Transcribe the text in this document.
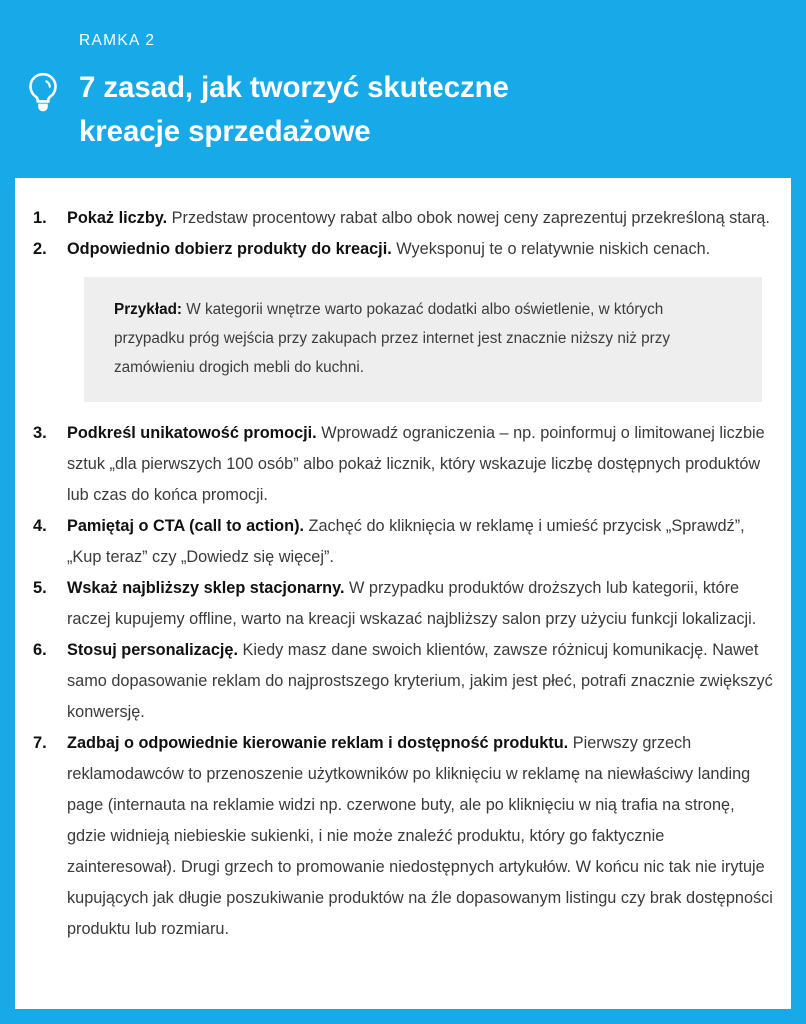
RAMKA 2
7 zasad, jak tworzyć skuteczne
kreacje sprzedażowe
1.	Pokaż liczby. Przedstaw procentowy rabat albo obok nowej ceny zaprezentuj przekreśloną starą.
2.	Odpowiednio dobierz produkty do kreacji. Wyeksponuj te o relatywnie niskich cenach.
Przykład: W kategorii wnętrze warto pokazać dodatki albo oświetlenie, w których przypadku próg wejścia przy zakupach przez internet jest znacznie niższy niż przy zamówieniu drogich mebli do kuchni.
3.	Podkreśl unikatowość promocji. Wprowadź ograniczenia – np. poinformuj o limitowanej liczbie sztuk „dla pierwszych 100 osób” albo pokaż licznik, który wskazuje liczbę dostępnych produktów lub czas do końca promocji.
4.	Pamiętaj o CTA (call to action). Zachęć do kliknięcia w reklamę i umieść przycisk „Sprawdź”, „Kup teraz” czy „Dowiedz się więcej”.
5.	Wskaż najbliższy sklep stacjonarny. W przypadku produktów droższych lub kategorii, które raczej kupujemy offline, warto na kreacji wskazać najbliższy salon przy użyciu funkcji lokalizacji.
6.	Stosuj personalizację. Kiedy masz dane swoich klientów, zawsze różnicuj komunikację. Nawet samo dopasowanie reklam do najprostszego kryterium, jakim jest płeć, potrafi znacznie zwiększyć konwersję.
7.	Zadbaj o odpowiednie kierowanie reklam i dostępność produktu. Pierwszy grzech reklamodawców to przenoszenie użytkowników po kliknięciu w reklamę na niewłaściwy landing page (internauta na reklamie widzi np. czerwone buty, ale po kliknięciu w nią trafia na stronę, gdzie widnieją niebieskie sukienki, i nie może znaleźć produktu, który go faktycznie zainteresował). Drugi grzech to promowanie niedostępnych artykułów. W końcu nic tak nie irytuje kupujących jak długie poszukiwanie produktów na źle dopasowanym listingu czy brak dostępności produktu lub rozmiaru.
